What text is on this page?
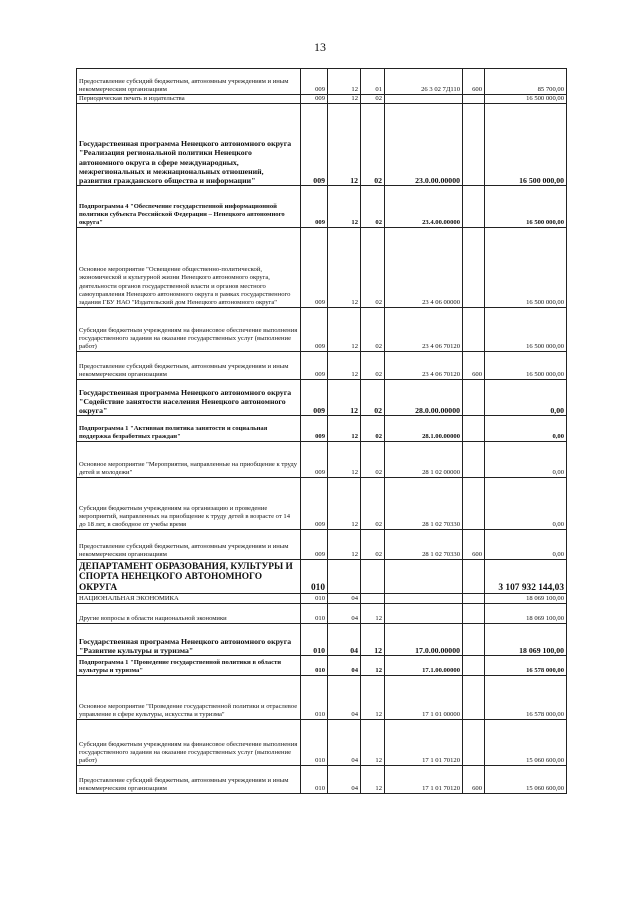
13
Предоставление субсидий бюджетным, автономным учреждениям и иным некоммерческим организациям	009	12	01	26 3 02 7Д110	600	85 700,00
Периодическая печать и издательства	009	12	02			16 500 000,00
Государственная программа Ненецкого автономного округа "Реализация региональной политики Ненецкого автономного округа в сфере международных, межрегиональных и межнациональных отношений, развития гражданского общества и информации"	009	12	02	23.0.00.00000		16 500 000,00
Подпрограмма 4 "Обеспечение государственной информационной политики субъекта Российской Федерации – Ненецкого автономного округа"	009	12	02	23.4.00.00000		16 500 000,00
Основное мероприятие "Освещение общественно-политической, экономической и культурной жизни Ненецкого автономного округа, деятельности органов государственной власти и органов местного самоуправления Ненецкого автономного округа в рамках государственного задания ГБУ НАО "Издательский дом Ненецкого автономного округа"	009	12	02	23 4 06 00000		16 500 000,00
Субсидии бюджетным учреждениям на финансовое обеспечение выполнения государственного задания на оказание государственных услуг (выполнение работ)	009	12	02	23 4 06 70120		16 500 000,00
Предоставление субсидий бюджетным, автономным учреждениям и иным некоммерческим организациям	009	12	02	23 4 06 70120	600	16 500 000,00
Государственная программа Ненецкого автономного округа "Содействие занятости населения Ненецкого автономного округа"	009	12	02	28.0.00.00000		0,00
Подпрограмма 1 "Активная политика занятости и социальная поддержка безработных граждан"	009	12	02	28.1.00.00000		0,00
Основное мероприятие "Мероприятия, направленные на приобщение к труду детей и молодежи"	009	12	02	28 1 02 00000		0,00
Субсидии бюджетным учреждениям на организацию и проведение мероприятий, направленных на приобщение к труду детей в возрасте от 14 до 18 лет, в свободное от учебы время	009	12	02	28 1 02 70330		0,00
Предоставление субсидий бюджетным, автономным учреждениям и иным некоммерческим организациям	009	12	02	28 1 02 70330	600	0,00
ДЕПАРТАМЕНТ ОБРАЗОВАНИЯ, КУЛЬТУРЫ И СПОРТА НЕНЕЦКОГО АВТОНОМНОГО ОКРУГА	010					3 107 932 144,03
НАЦИОНАЛЬНАЯ ЭКОНОМИКА	010	04				18 069 100,00
Другие вопросы в области национальной экономики	010	04	12			18 069 100,00
Государственная программа Ненецкого автономного округа "Развитие культуры и туризма"	010	04	12	17.0.00.00000		18 069 100,00
Подпрограмма 1 "Проведение государственной политики в области культуры и туризма"	010	04	12	17.1.00.00000		16 578 000,00
Основное мероприятие "Проведение государственной политики и отраслевое управление в сфере культуры, искусства и туризма"	010	04	12	17 1 01 00000		16 578 000,00
Субсидии бюджетным учреждениям на финансовое обеспечение выполнения государственного задания на оказание государственных услуг (выполнение работ)	010	04	12	17 1 01 70120		15 060 600,00
Предоставление субсидий бюджетным, автономным учреждениям и иным некоммерческим организациям	010	04	12	17 1 01 70120	600	15 060 600,00
